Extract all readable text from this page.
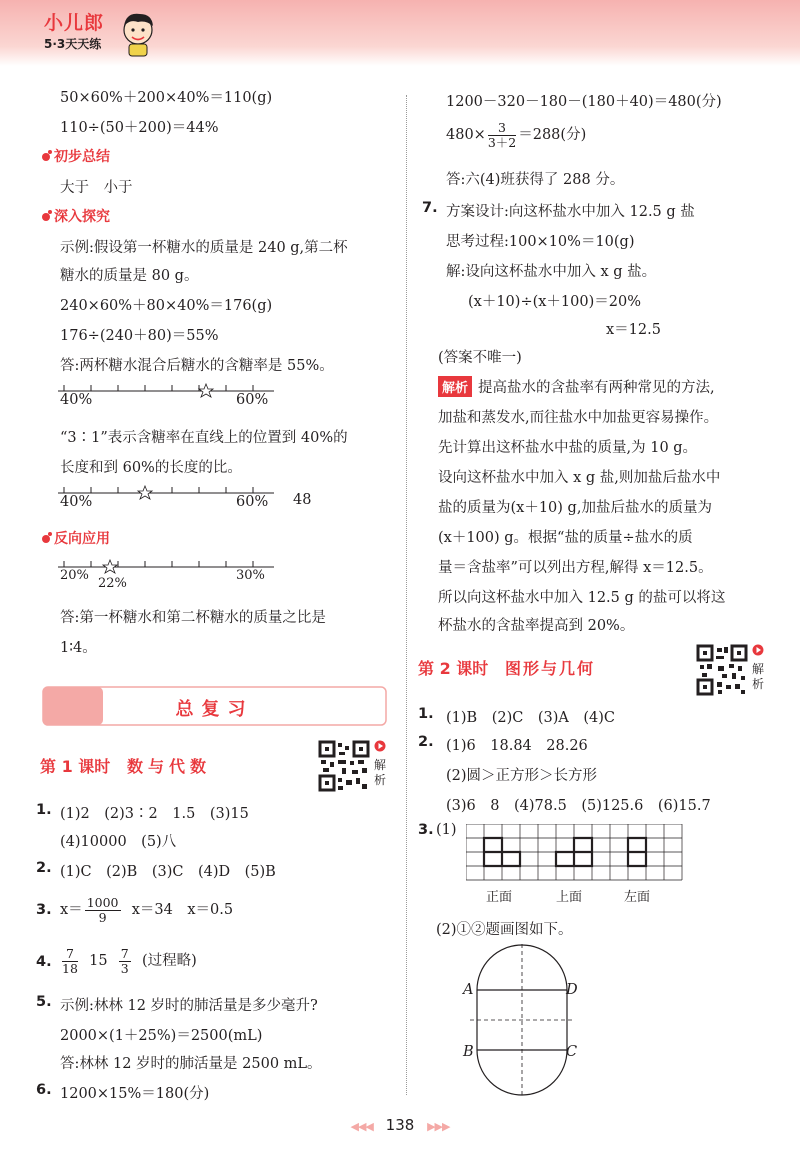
小儿郎
5·3天天练
50×60%＋200×40%＝110(g)
110÷(50＋200)＝44%
初步总结
大于　小于
深入探究
示例:假设第一杯糖水的质量是 240 g,第二杯
糖水的质量是 80 g。
240×60%＋80×40%＝176(g)
176÷(240＋80)＝55%
答:两杯糖水混合后糖水的含糖率是 55%。
40%	60%
“3∶1”表示含糖率在直线上的位置到 40%的
长度和到 60%的长度的比。
40%	60% 48
反向应用
20%
22%
30%
答:第一杯糖水和第二杯糖水的质量之比是
1∶4。
总复习
第 1 课时 数与代数	解析
1. (1)2　(2)3∶2　1.5　(3)15
(4)10000　(5)八
2. (1)C　(2)B　(3)C　(4)D　(5)B
3. $x= \frac{1000}{9} x=34$　x＝0.5
4. $\frac{7}{18} 15 \frac{7}{3}$ (过程略)
5. 示例:林林 12 岁时的肺活量是多少毫升?
2000×(1＋25%)＝2500(mL)
答:林林 12 岁时的肺活量是 2500 mL。
6. 1200×15%＝180(分)
1200－320－180－(180＋40)＝480(分)
$480\times \frac{3}{3+2} =288$(分)
答:六(4)班获得了 288 分。
7. 方案设计:向这杯盐水中加入 12.5 g 盐
思考过程:100×10%＝10(g)
解:设向这杯盐水中加入 x g 盐。
(x＋10)÷(x＋100)＝20%
x＝12.5
(答案不唯一)
解析 提高盐水的含盐率有两种常见的方法,
加盐和蒸发水,而往盐水中加盐更容易操作。
先计算出这杯盐水中盐的质量,为 10 g。
设向这杯盐水中加入 x g 盐,则加盐后盐水中
盐的质量为(x＋10) g,加盐后盐水的质量为
(x＋100) g。根据“盐的质量÷盐水的质
量＝含盐率”可以列出方程,解得 x＝12.5。
所以向这杯盐水中加入 12.5 g 的盐可以将这
杯盐水的含盐率提高到 20%。
第 2 课时 图形与几何	解析
1. (1)B　(2)C　(3)A　(4)C
2. (1)6　18.84　28.26
(2)圆＞正方形＞长方形
(3)6　8　(4)78.5　(5)125.6　(6)15.7
3. (1)
正面	上面	左面
(2)①②题画图如下。
A	D
B	C
◀◀◀ 138 ▶▶▶
